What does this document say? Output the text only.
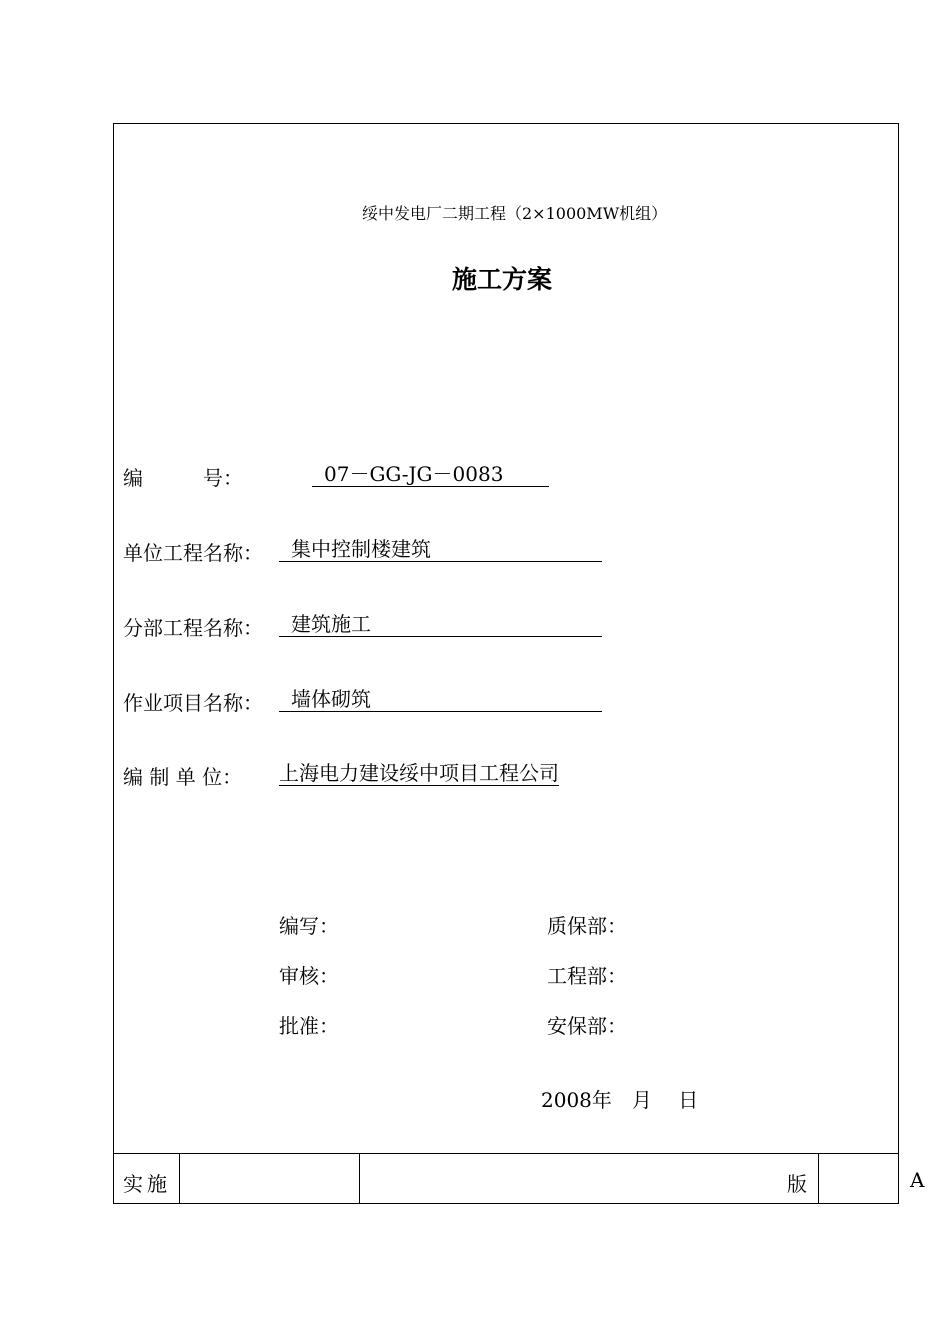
绥中发电厂二期工程（2×1000MW机组）
施工方案
编　　　号：	07－GG-JG－0083
单位工程名称：	集中控制楼建筑
分部工程名称：	建筑施工
作业项目名称：	墙体砌筑
编 制 单 位： 上海电力建设绥中项目工程公司
编写：	质保部：
审核：	工程部：
批准：	安保部：
2008年　月　 日
实施	版	A
